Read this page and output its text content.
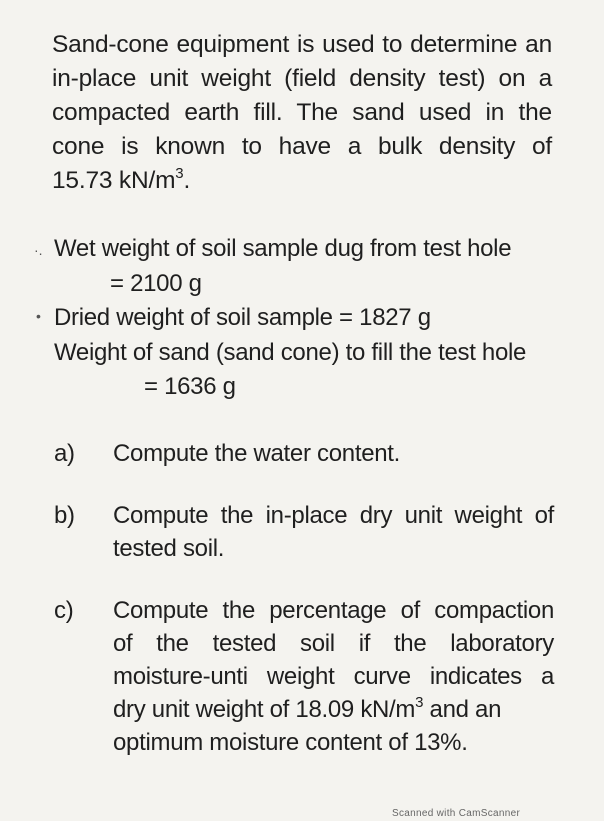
Sand-cone equipment is used to determine an
in-place unit weight (field density test) on a
compacted earth fill. The sand used in the
cone is known to have a bulk density of
15.73 $kN/m^3$.
·.
•
Wet weight of soil sample dug from test hole
= 2100 g
Dried weight of soil sample = 1827 g
Weight of sand (sand cone) to fill the test hole
= 1636 g
a) Compute the water content.
b) Compute the in-place dry unit weight of
tested soil.
c) Compute the percentage of compaction
of the tested soil if the laboratory
moisture-unti weight curve indicates a
dry unit weight of 18.09 $kN/m^3$ and an
optimum moisture content of 13%.
Scanned with CamScanner
